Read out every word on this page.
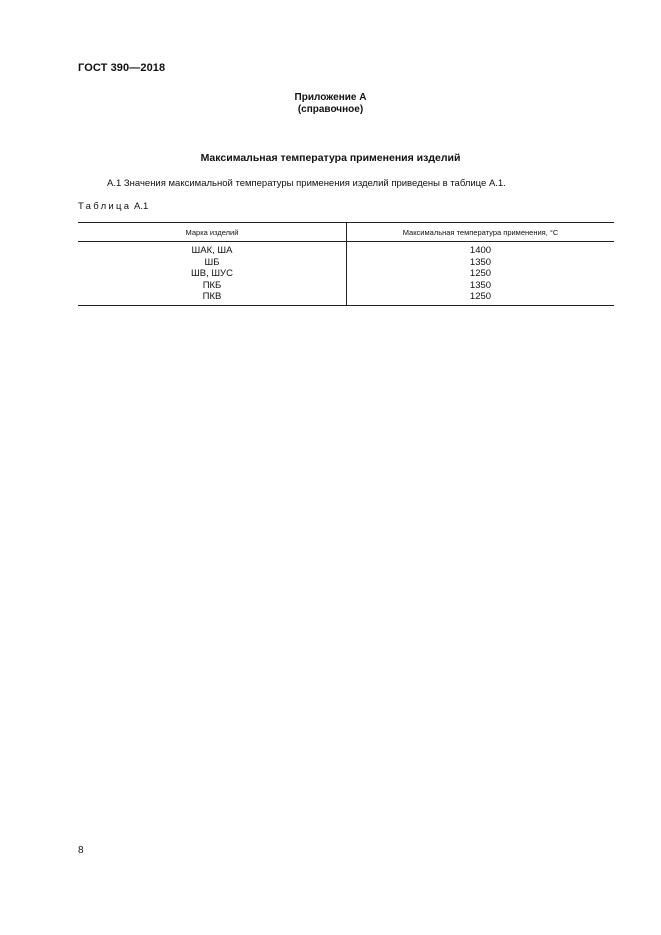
ГОСТ 390—2018
Приложение А
(справочное)
Максимальная температура применения изделий
А.1 Значения максимальной температуры применения изделий приведены в таблице А.1.
Таблица А.1
Марка изделий	Максимальная температура применения, °С
ШАК, ША	1400
ШБ	1350
ШВ, ШУС	1250
ПКБ	1350
ПКВ	1250
8
